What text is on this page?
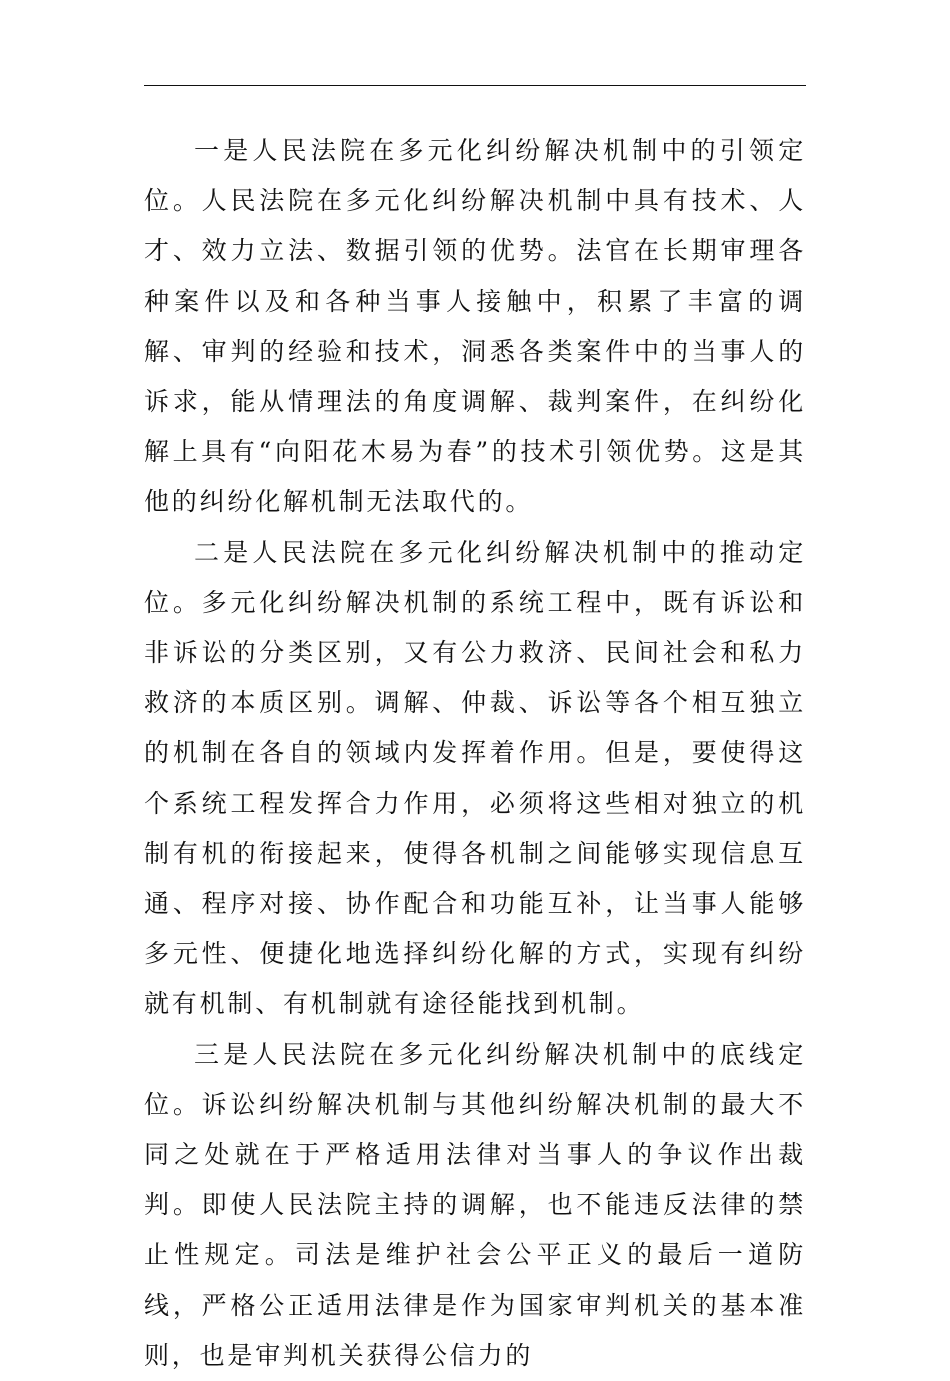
一是人民法院在多元化纠纷解决机制中的引领定位。人民法院在多元化纠纷解决机制中具有技术、人才、效力立法、数据引领的优势。法官在长期审理各种案件以及和各种当事人接触中，积累了丰富的调解、审判的经验和技术，洞悉各类案件中的当事人的诉求，能从情理法的角度调解、裁判案件，在纠纷化解上具有“向阳花木易为春”的技术引领优势。这是其他的纠纷化解机制无法取代的。

二是人民法院在多元化纠纷解决机制中的推动定位。多元化纠纷解决机制的系统工程中，既有诉讼和非诉讼的分类区别，又有公力救济、民间社会和私力救济的本质区别。调解、仲裁、诉讼等各个相互独立的机制在各自的领域内发挥着作用。但是，要使得这个系统工程发挥合力作用，必须将这些相对独立的机制有机的衔接起来，使得各机制之间能够实现信息互通、程序对接、协作配合和功能互补，让当事人能够多元性、便捷化地选择纠纷化解的方式，实现有纠纷就有机制、有机制就有途径能找到机制。

三是人民法院在多元化纠纷解决机制中的底线定位。诉讼纠纷解决机制与其他纠纷解决机制的最大不同之处就在于严格适用法律对当事人的争议作出裁判。即使人民法院主持的调解，也不能违反法律的禁止性规定。司法是维护社会公平正义的最后一道防线，严格公正适用法律是作为国家审判机关的基本准则，也是审判机关获得公信力的
